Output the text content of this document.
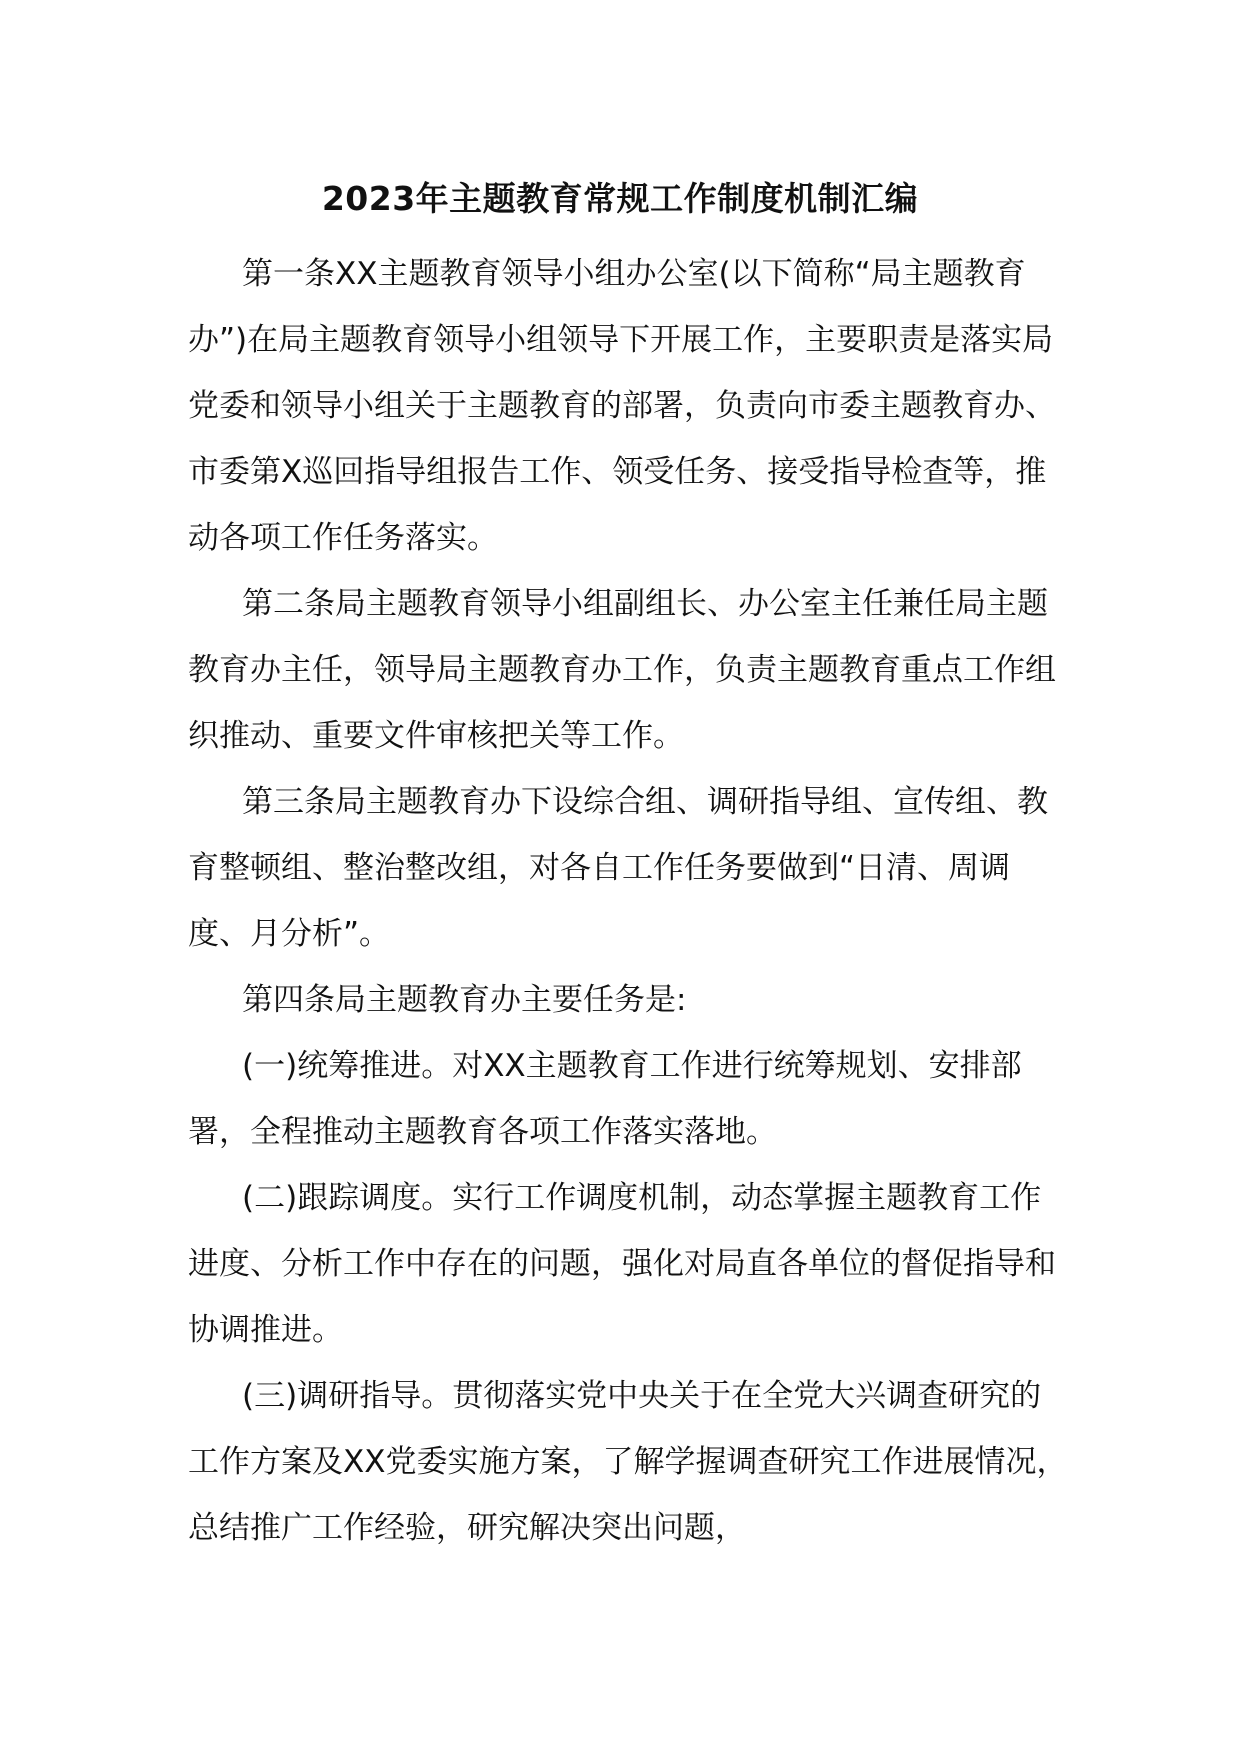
2023年主题教育常规工作制度机制汇编

第一条XX主题教育领导小组办公室(以下简称“局主题教育办”)在局主题教育领导小组领导下开展工作，主要职责是落实局党委和领导小组关于主题教育的部署，负责向市委主题教育办、市委第X巡回指导组报告工作、领受任务、接受指导检查等，推动各项工作任务落实。

第二条局主题教育领导小组副组长、办公室主任兼任局主题教育办主任，领导局主题教育办工作，负责主题教育重点工作组织推动、重要文件审核把关等工作。

第三条局主题教育办下设综合组、调研指导组、宣传组、教育整顿组、整治整改组，对各自工作任务要做到“日清、周调度、月分析”。

第四条局主题教育办主要任务是:

(一)统筹推进。对XX主题教育工作进行统筹规划、安排部署，全程推动主题教育各项工作落实落地。

(二)跟踪调度。实行工作调度机制，动态掌握主题教育工作进度、分析工作中存在的问题，强化对局直各单位的督促指导和协调推进。

(三)调研指导。贯彻落实党中央关于在全党大兴调查研究的工作方案及XX党委实施方案，了解学握调查研究工作进展情况，总结推广工作经验，研究解决突出问题，
